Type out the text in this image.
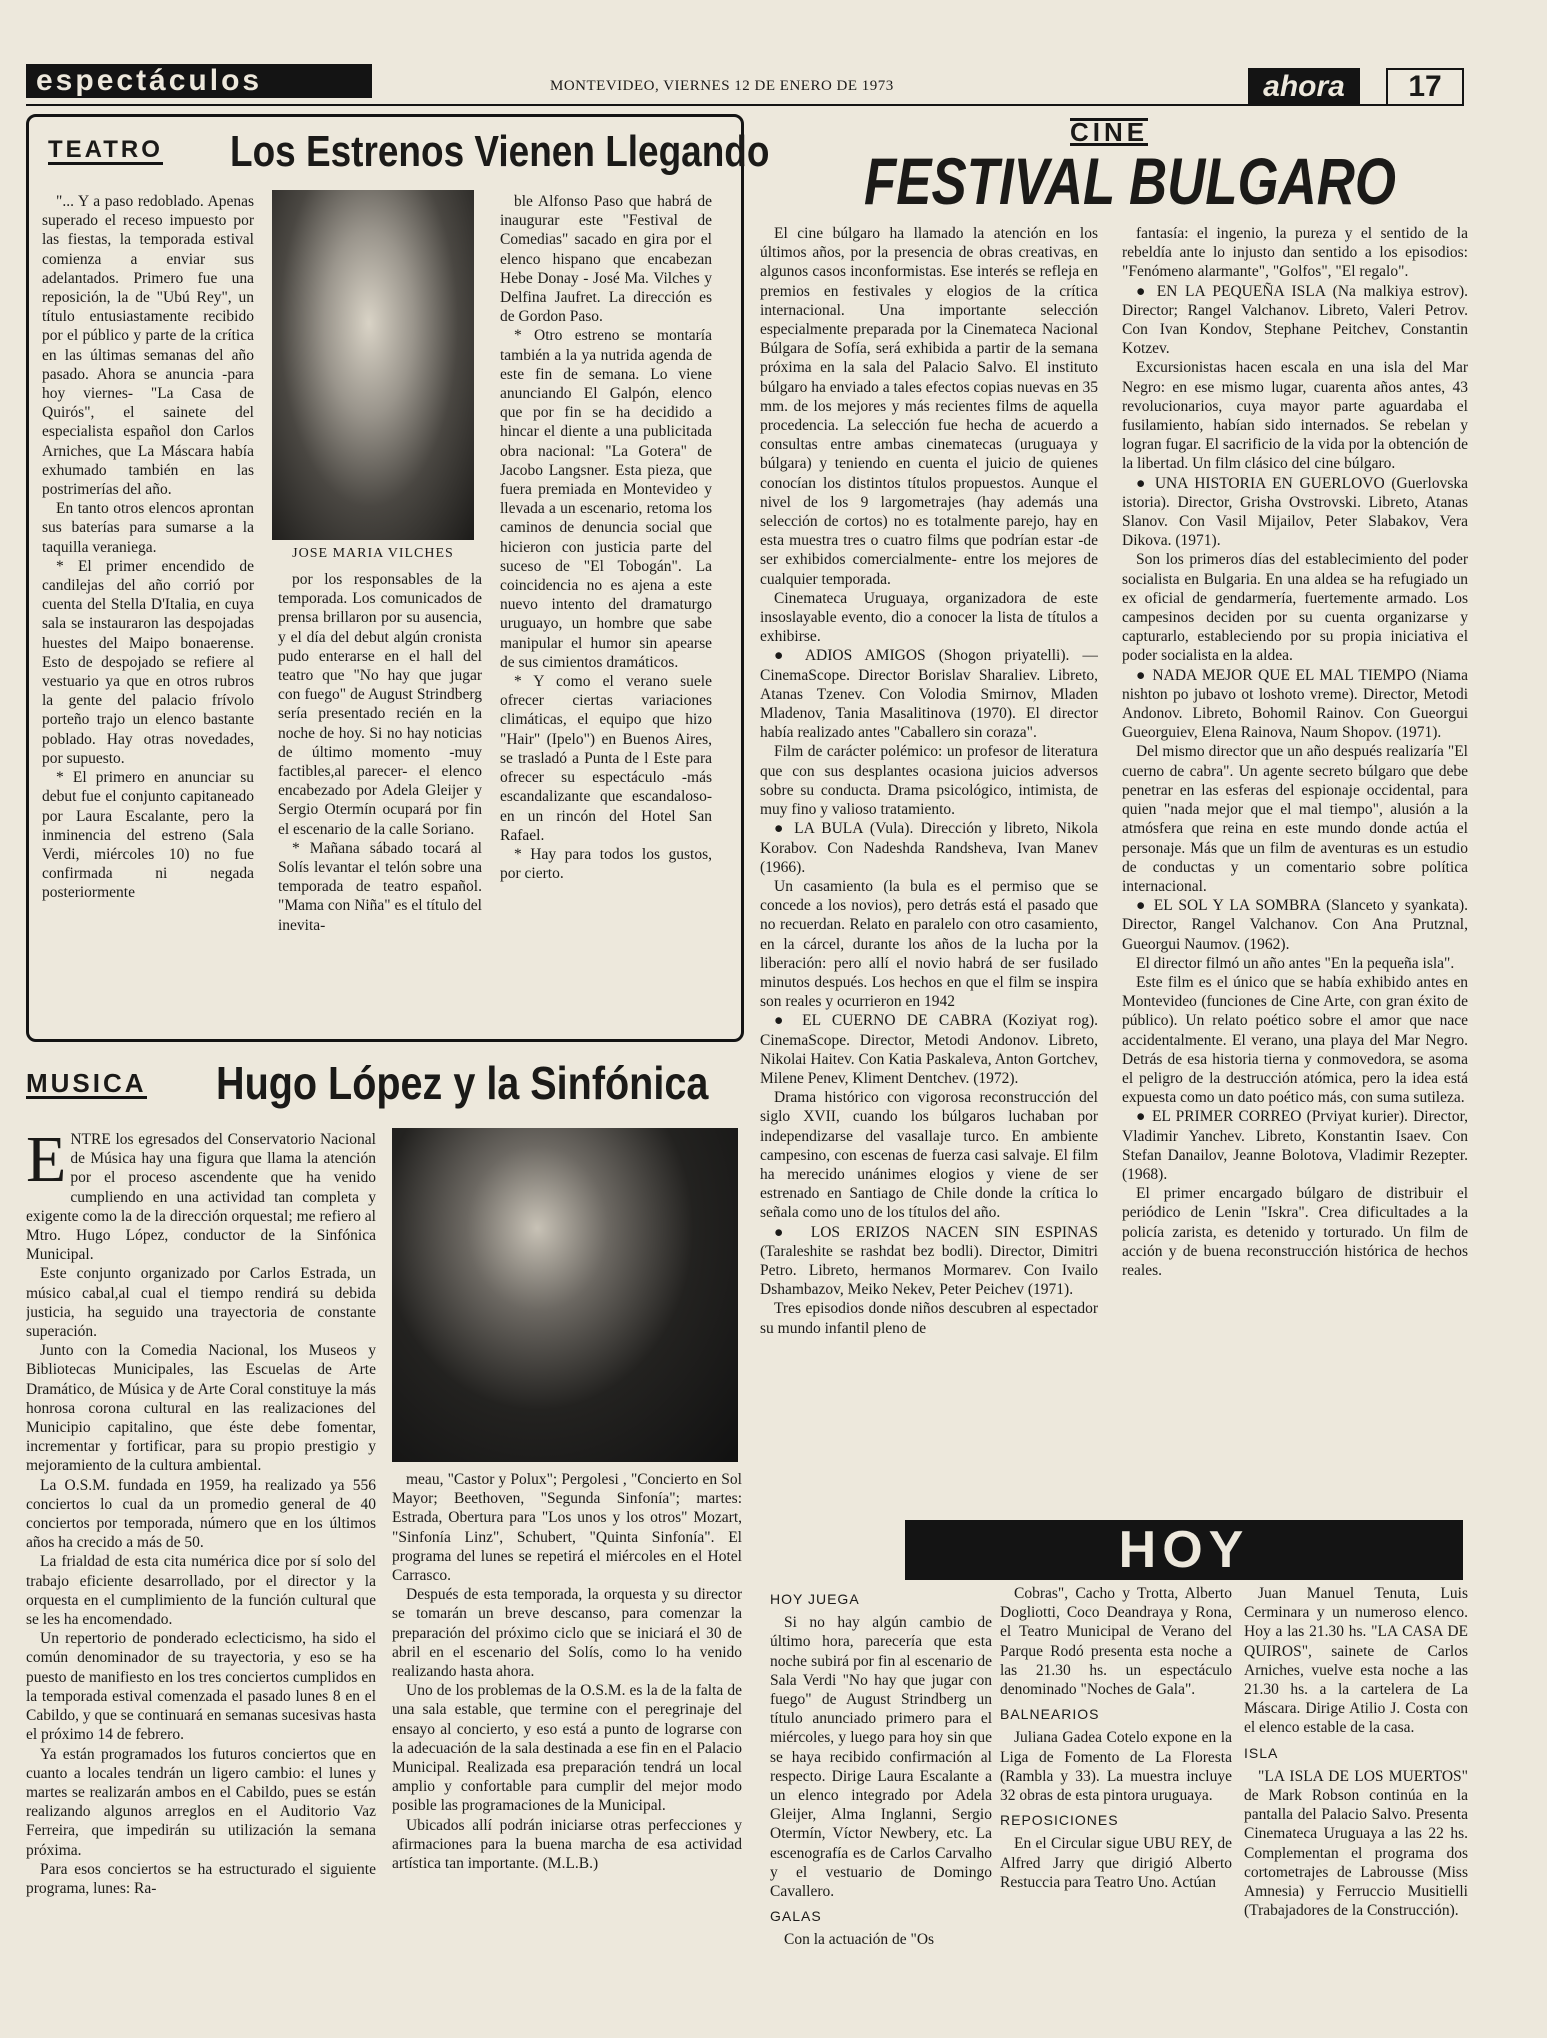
espectáculos	MONTEVIDEO, VIERNES 12 DE ENERO DE 1973	ahora	17
TEATRO Los Estrenos Vienen Llegando

"... Y a paso redoblado. Apenas superado el receso impuesto por las fiestas, la temporada estival comienza a enviar sus adelantados. Primero fue una reposición, la de "Ubú Rey", un título entusiastamente recibido por el público y parte de la crítica en las últimas semanas del año pasado. Ahora se anuncia -para hoy viernes- "La Casa de Quirós", el sainete del especialista español don Carlos Arniches, que La Máscara había exhumado también en las postrimerías del año.

En tanto otros elencos aprontan sus baterías para sumarse a la taquilla veraniega.

* El primer encendido de candilejas del año corrió por cuenta del Stella D'Italia, en cuya sala se instauraron las despojadas huestes del Maipo bonaerense. Esto de despojado se refiere al vestuario ya que en otros rubros la gente del palacio frívolo porteño trajo un elenco bastante poblado. Hay otras novedades, por supuesto.

* El primero en anunciar su debut fue el conjunto capitaneado por Laura Escalante, pero la inminencia del estreno (Sala Verdi, miércoles 10) no fue confirmada ni negada posteriormente

JOSE MARIA VILCHES

por los responsables de la temporada. Los comunicados de prensa brillaron por su ausencia, y el día del debut algún cronista pudo enterarse en el hall del teatro que "No hay que jugar con fuego" de August Strindberg sería presentado recién en la noche de hoy. Si no hay noticias de último momento -muy factibles,al parecer- el elenco encabezado por Adela Gleijer y Sergio Otermín ocupará por fin el escenario de la calle Soriano.

* Mañana sábado tocará al Solís levantar el telón sobre una temporada de teatro español. "Mama con Niña" es el título del inevita-

ble Alfonso Paso que habrá de inaugurar este "Festival de Comedias" sacado en gira por el elenco hispano que encabezan Hebe Donay - José Ma. Vilches y Delfina Jaufret. La dirección es de Gordon Paso.

* Otro estreno se montaría también a la ya nutrida agenda de este fin de semana. Lo viene anunciando El Galpón, elenco que por fin se ha decidido a hincar el diente a una publicitada obra nacional: "La Gotera" de Jacobo Langsner. Esta pieza, que fuera premiada en Montevideo y llevada a un escenario, retoma los caminos de denuncia social que hicieron con justicia parte del suceso de "El Tobogán". La coincidencia no es ajena a este nuevo intento del dramaturgo uruguayo, un hombre que sabe manipular el humor sin apearse de sus cimientos dramáticos.

* Y como el verano suele ofrecer ciertas variaciones climáticas, el equipo que hizo "Hair" (Ipelo") en Buenos Aires, se trasladó a Punta de l Este para ofrecer su espectáculo -más escandalizante que escandaloso- en un rincón del Hotel San Rafael.

* Hay para todos los gustos, por cierto.

MUSICA Hugo López y la Sinfónica
E NTRE los egresados del Conservatorio Nacional de Música hay una figura que llama la atención por el proceso ascendente que ha venido cumpliendo en una actividad tan completa y exigente como la de la dirección orquestal; me refiero al Mtro. Hugo López, conductor de la Sinfónica Municipal.

Este conjunto organizado por Carlos Estrada, un músico cabal,al cual el tiempo rendirá su debida justicia, ha seguido una trayectoria de constante superación.

Junto con la Comedia Nacional, los Museos y Bibliotecas Municipales, las Escuelas de Arte Dramático, de Música y de Arte Coral constituye la más honrosa corona cultural en las realizaciones del Municipio capitalino, que éste debe fomentar, incrementar y fortificar, para su propio prestigio y mejoramiento de la cultura ambiental.

La O.S.M. fundada en 1959, ha realizado ya 556 conciertos lo cual da un promedio general de 40 conciertos por temporada, número que en los últimos años ha crecido a más de 50.

La frialdad de esta cita numérica dice por sí solo del trabajo eficiente desarrollado, por el director y la orquesta en el cumplimiento de la función cultural que se les ha encomendado.

Un repertorio de ponderado eclecticismo, ha sido el común denominador de su trayectoria, y eso se ha puesto de manifiesto en los tres conciertos cumplidos en la temporada estival comenzada el pasado lunes 8 en el Cabildo, y que se continuará en semanas sucesivas hasta el próximo 14 de febrero.

Ya están programados los futuros conciertos que en cuanto a locales tendrán un ligero cambio: el lunes y martes se realizarán ambos en el Cabildo, pues se están realizando algunos arreglos en el Auditorio Vaz Ferreira, que impedirán su utilización la semana próxima.

Para esos conciertos se ha estructurado el siguiente programa, lunes: Ra-

meau, "Castor y Polux"; Pergolesi , "Concierto en Sol Mayor; Beethoven, "Segunda Sinfonía"; martes: Estrada, Obertura para "Los unos y los otros" Mozart, "Sinfonía Linz", Schubert, "Quinta Sinfonía". El programa del lunes se repetirá el miércoles en el Hotel Carrasco.

Después de esta temporada, la orquesta y su director se tomarán un breve descanso, para comenzar la preparación del próximo ciclo que se iniciará el 30 de abril en el escenario del Solís, como lo ha venido realizando hasta ahora.

Uno de los problemas de la O.S.M. es la de la falta de una sala estable, que termine con el peregrinaje del ensayo al concierto, y eso está a punto de lograrse con la adecuación de la sala destinada a ese fin en el Palacio Municipal. Realizada esa preparación tendrá un local amplio y confortable para cumplir del mejor modo posible las programaciones de la Municipal.

Ubicados allí podrán iniciarse otras perfecciones y afirmaciones para la buena marcha de esa actividad artística tan importante. (M.L.B.)

CINE
FESTIVAL BULGARO

El cine búlgaro ha llamado la atención en los últimos años, por la presencia de obras creativas, en algunos casos inconformistas. Ese interés se refleja en premios en festivales y elogios de la crítica internacional. Una importante selección especialmente preparada por la Cinemateca Nacional Búlgara de Sofía, será exhibida a partir de la semana próxima en la sala del Palacio Salvo. El instituto búlgaro ha enviado a tales efectos copias nuevas en 35 mm. de los mejores y más recientes films de aquella procedencia. La selección fue hecha de acuerdo a consultas entre ambas cinematecas (uruguaya y búlgara) y teniendo en cuenta el juicio de quienes conocían los distintos títulos propuestos. Aunque el nivel de los 9 largometrajes (hay además una selección de cortos) no es totalmente parejo, hay en esta muestra tres o cuatro films que podrían estar -de ser exhibidos comercialmente- entre los mejores de cualquier temporada.

Cinemateca Uruguaya, organizadora de este insoslayable evento, dio a conocer la lista de títulos a exhibirse.

● ADIOS AMIGOS (Shogon priyatelli). — CinemaScope. Director Borislav Sharaliev. Libreto, Atanas Tzenev. Con Volodia Smirnov, Mladen Mladenov, Tania Masalitinova (1970). El director había realizado antes "Caballero sin coraza".

Film de carácter polémico: un profesor de literatura que con sus desplantes ocasiona juicios adversos sobre su conducta. Drama psicológico, intimista, de muy fino y valioso tratamiento.

● LA BULA (Vula). Dirección y libreto, Nikola Korabov. Con Nadeshda Randsheva, Ivan Manev (1966).

Un casamiento (la bula es el permiso que se concede a los novios), pero detrás está el pasado que no recuerdan. Relato en paralelo con otro casamiento, en la cárcel, durante los años de la lucha por la liberación: pero allí el novio habrá de ser fusilado minutos después. Los hechos en que el film se inspira son reales y ocurrieron en 1942

● EL CUERNO DE CABRA (Koziyat rog). CinemaScope. Director, Metodi Andonov. Libreto, Nikolai Haitev. Con Katia Paskaleva, Anton Gortchev, Milene Penev, Kliment Dentchev. (1972).

Drama histórico con vigorosa reconstrucción del siglo XVII, cuando los búlgaros luchaban por independizarse del vasallaje turco. En ambiente campesino, con escenas de fuerza casi salvaje. El film ha merecido unánimes elogios y viene de ser estrenado en Santiago de Chile donde la crítica lo señala como uno de los títulos del año.

● LOS ERIZOS NACEN SIN ESPINAS (Taraleshite se rashdat bez bodli). Director, Dimitri Petro. Libreto, hermanos Mormarev. Con Ivailo Dshambazov, Meiko Nekev, Peter Peichev (1971).

Tres episodios donde niños descubren al espectador su mundo infantil pleno de

fantasía: el ingenio, la pureza y el sentido de la rebeldía ante lo injusto dan sentido a los episodios: "Fenómeno alarmante", "Golfos", "El regalo".

● EN LA PEQUEÑA ISLA (Na malkiya estrov). Director; Rangel Valchanov. Libreto, Valeri Petrov. Con Ivan Kondov, Stephane Peitchev, Constantin Kotzev.

Excursionistas hacen escala en una isla del Mar Negro: en ese mismo lugar, cuarenta años antes, 43 revolucionarios, cuya mayor parte aguardaba el fusilamiento, habían sido internados. Se rebelan y logran fugar. El sacrificio de la vida por la obtención de la libertad. Un film clásico del cine búlgaro.

● UNA HISTORIA EN GUERLOVO (Guerlovska istoria). Director, Grisha Ovstrovski. Libreto, Atanas Slanov. Con Vasil Mijailov, Peter Slabakov, Vera Dikova. (1971).

Son los primeros días del establecimiento del poder socialista en Bulgaria. En una aldea se ha refugiado un ex oficial de gendarmería, fuertemente armado. Los campesinos deciden por su cuenta organizarse y capturarlo, estableciendo por su propia iniciativa el poder socialista en la aldea.

● NADA MEJOR QUE EL MAL TIEMPO (Niama nishton po jubavo ot loshoto vreme). Director, Metodi Andonov. Libreto, Bohomil Rainov. Con Gueorgui Gueorguiev, Elena Rainova, Naum Shopov. (1971).

Del mismo director que un año después realizaría "El cuerno de cabra". Un agente secreto búlgaro que debe penetrar en las esferas del espionaje occidental, para quien "nada mejor que el mal tiempo", alusión a la atmósfera que reina en este mundo donde actúa el personaje. Más que un film de aventuras es un estudio de conductas y un comentario sobre política internacional.

● EL SOL Y LA SOMBRA (Slanceto y syankata). Director, Rangel Valchanov. Con Ana Prutznal, Gueorgui Naumov. (1962).

El director filmó un año antes "En la pequeña isla".

Este film es el único que se había exhibido antes en Montevideo (funciones de Cine Arte, con gran éxito de público). Un relato poético sobre el amor que nace accidentalmente. El verano, una playa del Mar Negro. Detrás de esa historia tierna y conmovedora, se asoma el peligro de la destrucción atómica, pero la idea está expuesta como un dato poético más, con suma sutileza.

● EL PRIMER CORREO (Prviyat kurier). Director, Vladimir Yanchev. Libreto, Konstantin Isaev. Con Stefan Danailov, Jeanne Bolotova, Vladimir Rezepter. (1968).

El primer encargado búlgaro de distribuir el periódico de Lenin "Iskra". Crea dificultades a la policía zarista, es detenido y torturado. Un film de acción y de buena reconstrucción histórica de hechos reales.

HOY
HOY JUEGA

Si no hay algún cambio de último hora, parecería que esta noche subirá por fin al escenario de Sala Verdi "No hay que jugar con fuego" de August Strindberg un título anunciado primero para el miércoles, y luego para hoy sin que se haya recibido confirmación al respecto. Dirige Laura Escalante a un elenco integrado por Adela Gleijer, Alma Inglanni, Sergio Otermín, Víctor Newbery, etc. La escenografía es de Carlos Carvalho y el vestuario de Domingo Cavallero.

GALAS

Con la actuación de "Os

Cobras", Cacho y Trotta, Alberto Dogliotti, Coco Deandraya y Rona, el Teatro Municipal de Verano del Parque Rodó presenta esta noche a las 21.30 hs. un espectáculo denominado "Noches de Gala".

BALNEARIOS

Juliana Gadea Cotelo expone en la Liga de Fomento de La Floresta (Rambla y 33). La muestra incluye 32 obras de esta pintora uruguaya.

REPOSICIONES

En el Circular sigue UBU REY, de Alfred Jarry que dirigió Alberto Restuccia para Teatro Uno. Actúan

Juan Manuel Tenuta, Luis Cerminara y un numeroso elenco. Hoy a las 21.30 hs. "LA CASA DE QUIROS", sainete de Carlos Arniches, vuelve esta noche a las 21.30 hs. a la cartelera de La Máscara. Dirige Atilio J. Costa con el elenco estable de la casa.

ISLA

"LA ISLA DE LOS MUERTOS" de Mark Robson continúa en la pantalla del Palacio Salvo. Presenta Cinemateca Uruguaya a las 22 hs. Complementan el programa dos cortometrajes de Labrousse (Miss Amnesia) y Ferruccio Musitielli (Trabajadores de la Construcción).
